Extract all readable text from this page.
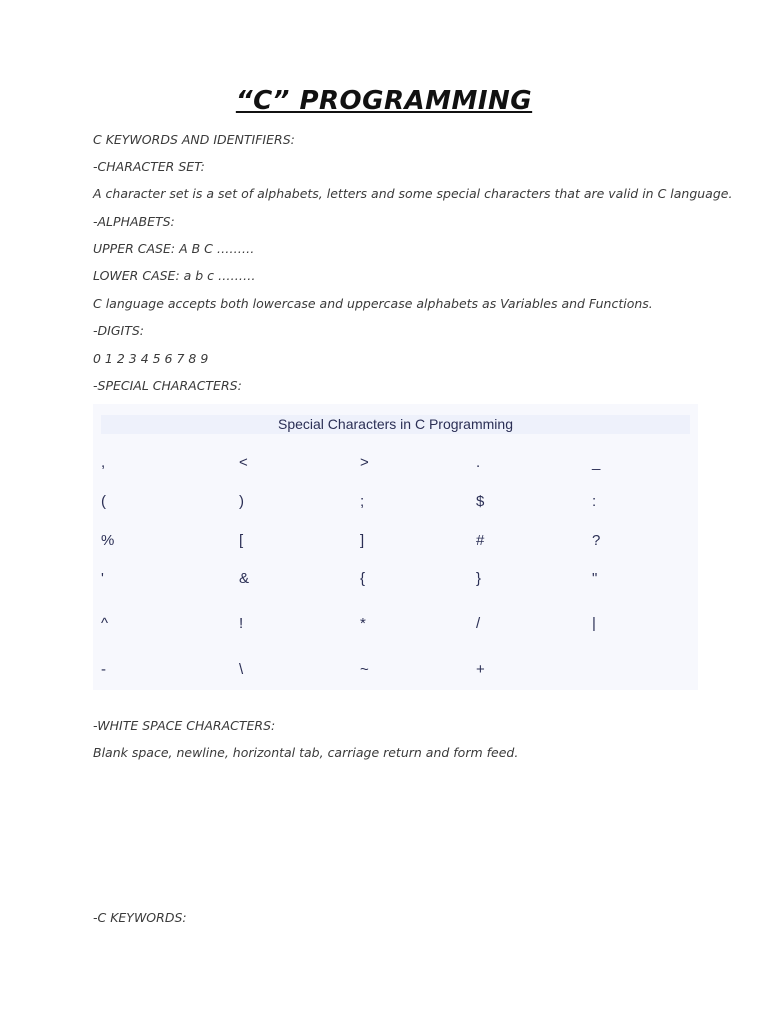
“C” PROGRAMMING
C KEYWORDS AND IDENTIFIERS:
-CHARACTER SET:
A character set is a set of alphabets, letters and some special characters that are valid in C language.
-ALPHABETS:
UPPER CASE: A B C ………
LOWER CASE: a b c ………
C language accepts both lowercase and uppercase alphabets as Variables and Functions.
-DIGITS:
0 1 2 3 4 5 6 7 8 9
-SPECIAL CHARACTERS:
Special Characters in C Programming
,	<	>	.	_
(	)	;	$	:
%	[	]	#	?
'	&	{	}	"
^	!	*	/	|
-	\	~	+
-WHITE SPACE CHARACTERS:
Blank space, newline, horizontal tab, carriage return and form feed.
-C KEYWORDS:
